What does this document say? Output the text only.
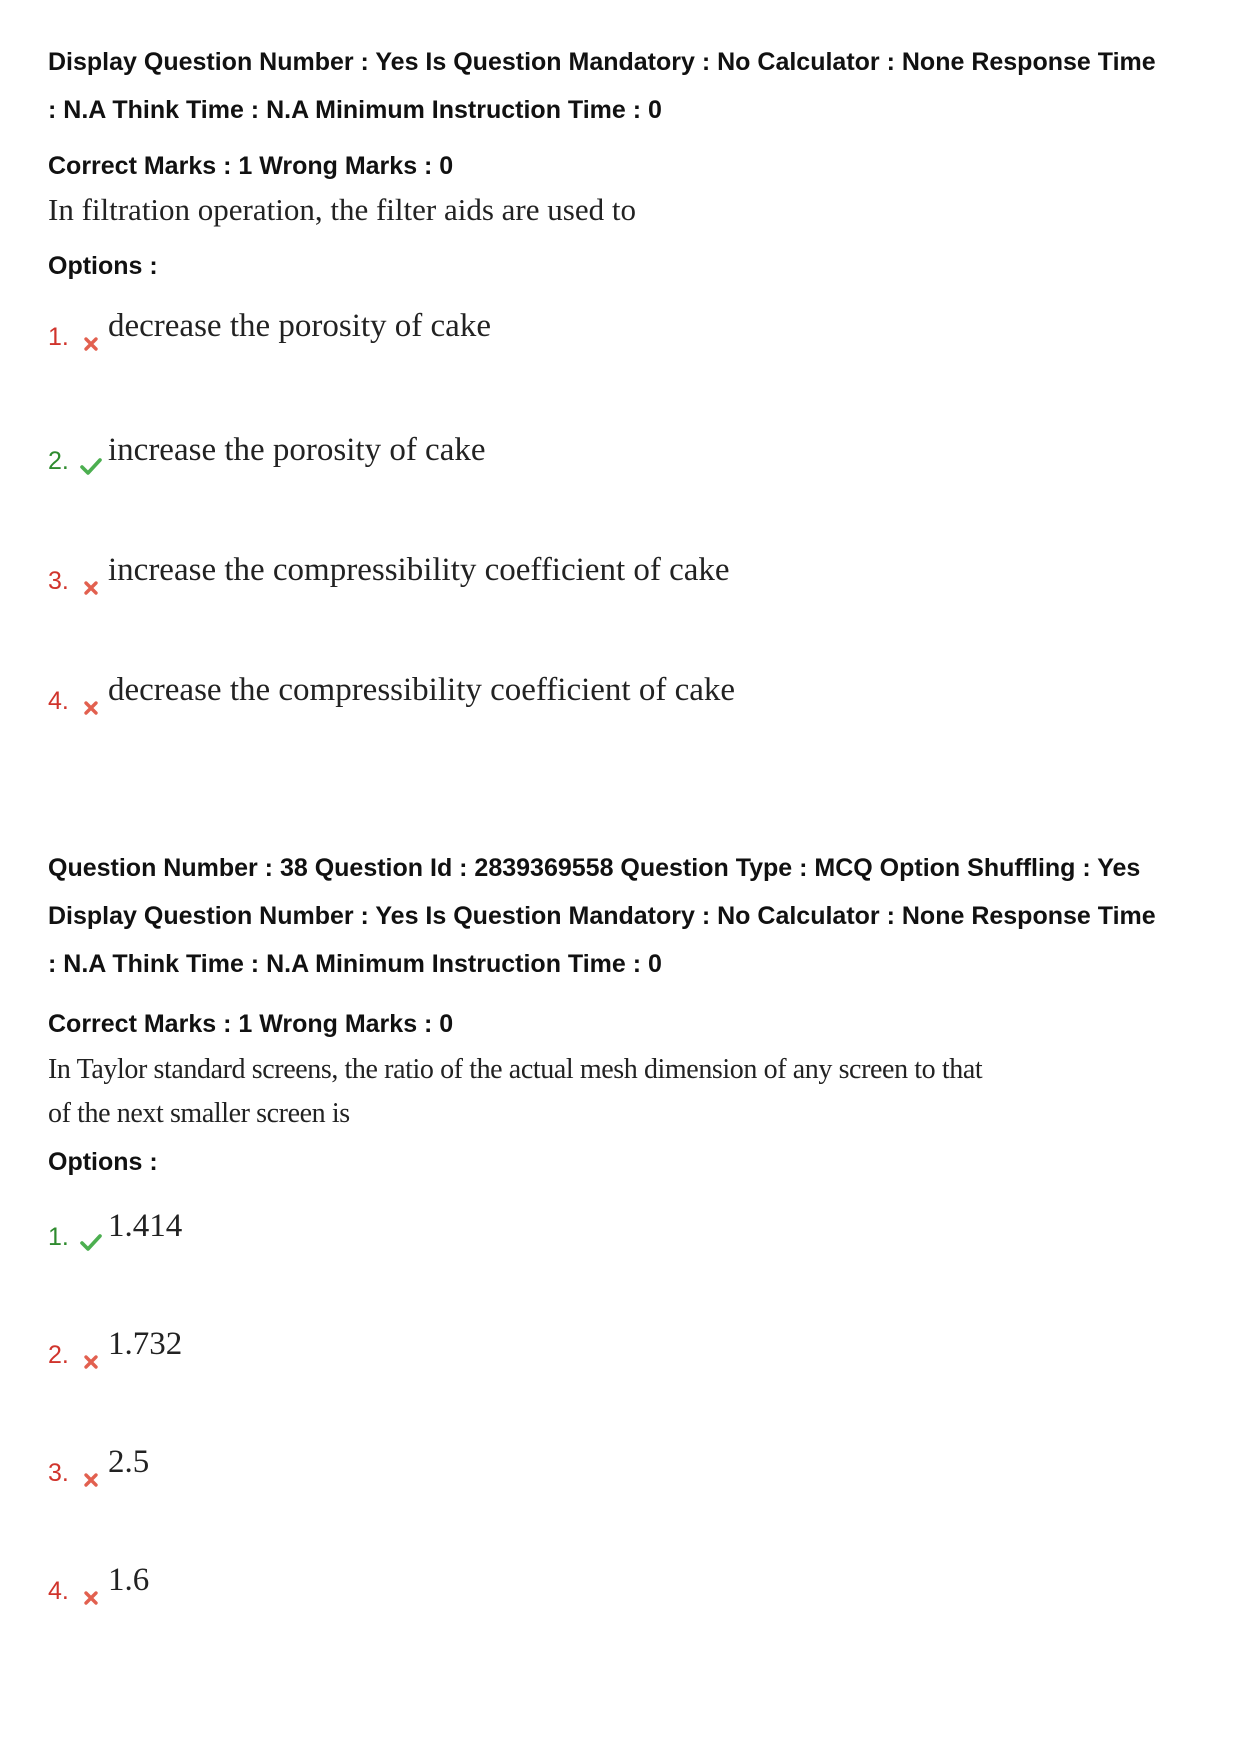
Display Question Number : Yes Is Question Mandatory : No Calculator : None Response Time
: N.A Think Time : N.A Minimum Instruction Time : 0
Correct Marks : 1 Wrong Marks : 0
In filtration operation, the filter aids are used to
Options :
1. decrease the porosity of cake
2. increase the porosity of cake
3. increase the compressibility coefficient of cake
4. decrease the compressibility coefficient of cake
Question Number : 38 Question Id : 2839369558 Question Type : MCQ Option Shuffling : Yes
Display Question Number : Yes Is Question Mandatory : No Calculator : None Response Time
: N.A Think Time : N.A Minimum Instruction Time : 0
Correct Marks : 1 Wrong Marks : 0
In Taylor standard screens, the ratio of the actual mesh dimension of any screen to that
of the next smaller screen is
Options :
1. 1.414
2. 1.732
3. 2.5
4. 1.6
